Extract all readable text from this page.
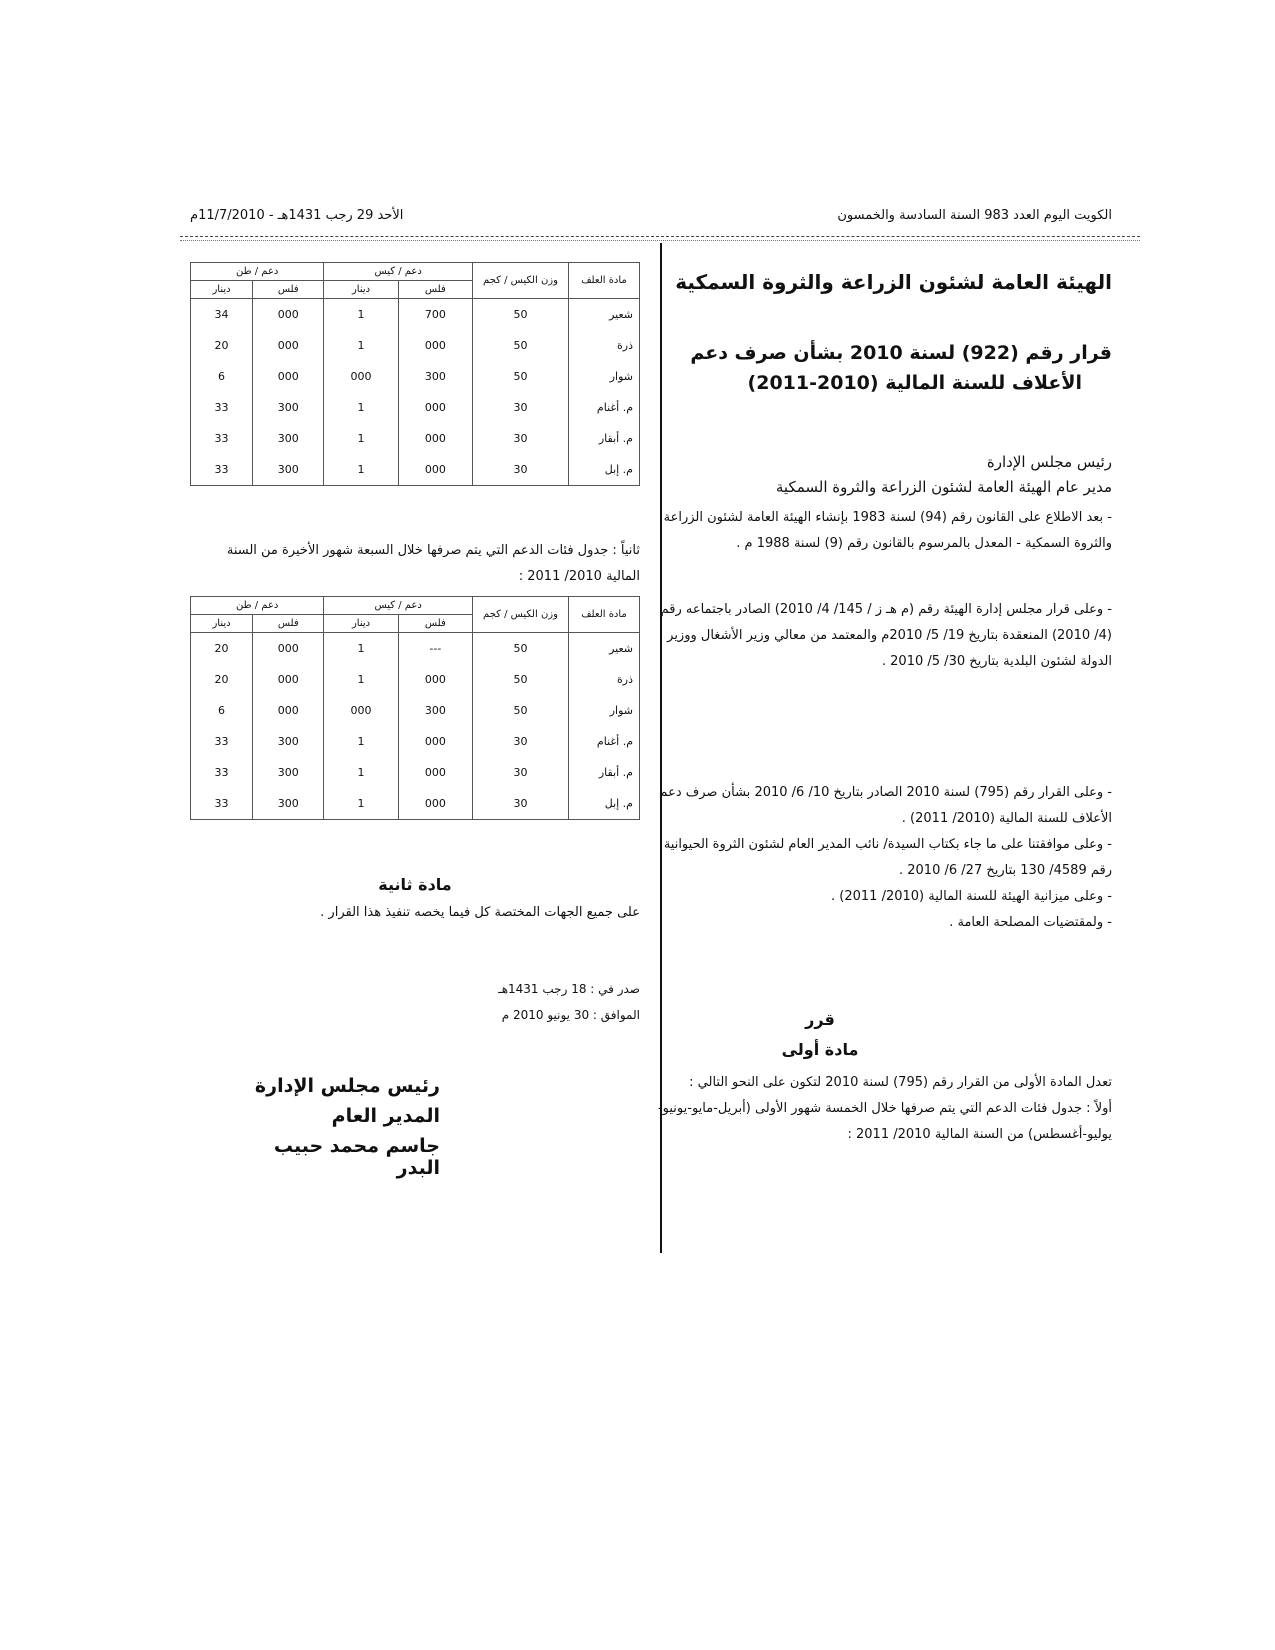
الكويت اليوم العدد 983 السنة السادسة والخمسون
الأحد 29 رجب 1431هـ - 11/7/2010م
الهيئة العامة لشئون الزراعة والثروة السمكية
قرار رقم (922) لسنة 2010 بشأن صرف دعم
الأعلاف للسنة المالية (2010-2011)
رئيس مجلس الإدارة
مدير عام الهيئة العامة لشئون الزراعة والثروة السمكية
- بعد الاطلاع على القانون رقم (94) لسنة 1983 بإنشاء الهيئة العامة لشئون الزراعة والثروة السمكية - المعدل بالمرسوم بالقانون رقم (9) لسنة 1988 م .
- وعلى قرار مجلس إدارة الهيئة رقم (م هـ ز / 145/ 4/ 2010) الصادر باجتماعه رقم (4/ 2010) المنعقدة بتاريخ 19/ 5/ 2010م والمعتمد من معالي وزير الأشغال ووزير الدولة لشئون البلدية بتاريخ 30/ 5/ 2010 .
- وعلى القرار رقم (795) لسنة 2010 الصادر بتاريخ 10/ 6/ 2010 بشأن صرف دعم الأعلاف للسنة المالية (2010/ 2011) .
- وعلى موافقتنا على ما جاء بكتاب السيدة/ نائب المدير العام لشئون الثروة الحيوانية رقم 4589/ 130 بتاريخ 27/ 6/ 2010 .
- وعلى ميزانية الهيئة للسنة المالية (2010/ 2011) .
- ولمقتضيات المصلحة العامة .
قرر
مادة أولى
تعدل المادة الأولى من القرار رقم (795) لسنة 2010 لتكون على النحو التالي :
أولاً : جدول فئات الدعم التي يتم صرفها خلال الخمسة شهور الأولى (أبريل-مايو-يونيو-يوليو-أغسطس) من السنة المالية 2010/ 2011 :
مادة العلف	وزن الكيس / كجم	دعم / كيس		دعم / طن	
		فلس	دينار	فلس	دينار
شعير	50	700	1	000	34
ذرة	50	000	1	000	20
شوار	50	300	000	000	6
م. أغنام	30	000	1	300	33
م. أبقار	30	000	1	300	33
م. إبل	30	000	1	300	33
ثانياً : جدول فئات الدعم التي يتم صرفها خلال السبعة شهور الأخيرة من السنة المالية 2010/ 2011 :
مادة العلف	وزن الكيس / كجم	دعم / كيس		دعم / طن	
		فلس	دينار	فلس	دينار
شعير	50	---	1	000	20
ذرة	50	000	1	000	20
شوار	50	300	000	000	6
م. أغنام	30	000	1	300	33
م. أبقار	30	000	1	300	33
م. إبل	30	000	1	300	33
مادة ثانية
على جميع الجهات المختصة كل فيما يخصه تنفيذ هذا القرار .
صدر في : 18 رجب 1431هـ
الموافق : 30 يونيو 2010 م
رئيس مجلس الإدارة
المدير العام
جاسم محمد حبيب البدر
